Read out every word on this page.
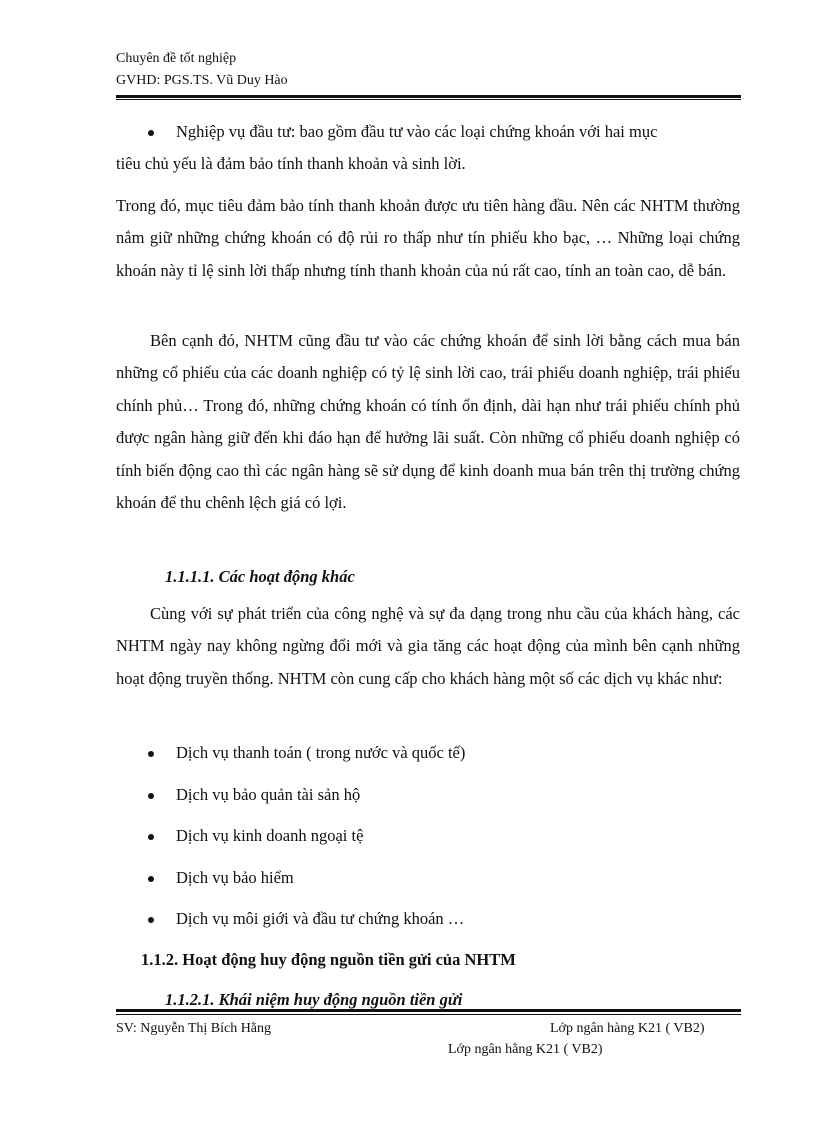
Chuyên đề tốt nghiệp
GVHD: PGS.TS. Vũ Duy Hào
Nghiệp vụ đầu tư: bao gồm đầu tư vào các loại chứng khoán với hai mục
tiêu chủ yếu là đảm bảo tính thanh khoản và sinh lời.

Trong đó, mục tiêu đảm bảo tính thanh khoản được ưu tiên hàng đầu. Nên các NHTM thường nắm giữ những chứng khoán có độ rủi ro thấp như tín phiếu kho bạc, … Những loại chứng khoán này tỉ lệ sinh lời thấp nhưng tính thanh khoản của nú rất cao, tính an toàn cao, dễ bán.

Bên cạnh đó, NHTM cũng đầu tư vào các chứng khoán để sinh lời bằng cách mua bán những cổ phiếu của các doanh nghiệp có tỷ lệ sinh lời cao, trái phiếu doanh nghiệp, trái phiếu chính phủ… Trong đó, những chứng khoán có tính ổn định, dài hạn như trái phiếu chính phủ được ngân hàng giữ đến khi đáo hạn để hưởng lãi suất. Còn những cổ phiếu doanh nghiệp có tính biến động cao thì các ngân hàng sẽ sử dụng để kinh doanh mua bán trên thị trường chứng khoán để thu chênh lệch giá có lợi.

1.1.1.1. Các hoạt động khác

Cùng với sự phát triển của công nghệ và sự đa dạng trong nhu cầu của khách hàng, các NHTM ngày nay không ngừng đổi mới và gia tăng các hoạt động của mình bên cạnh những hoạt động truyền thống. NHTM còn cung cấp cho khách hàng một số các dịch vụ khác như:

Dịch vụ thanh toán ( trong nước và quốc tế)
Dịch vụ bảo quản tài sản hộ
Dịch vụ kinh doanh ngoại tệ
Dịch vụ bảo hiểm
Dịch vụ môi giới và đầu tư chứng khoán …
1.1.2. Hoạt động huy động nguồn tiền gửi của NHTM
1.1.2.1. Khái niệm huy động nguồn tiền gửi
SV: Nguyễn Thị Bích Hằng	Lớp ngân hàng K21 ( VB2)
Lớp ngân hằng K21 ( VB2)
